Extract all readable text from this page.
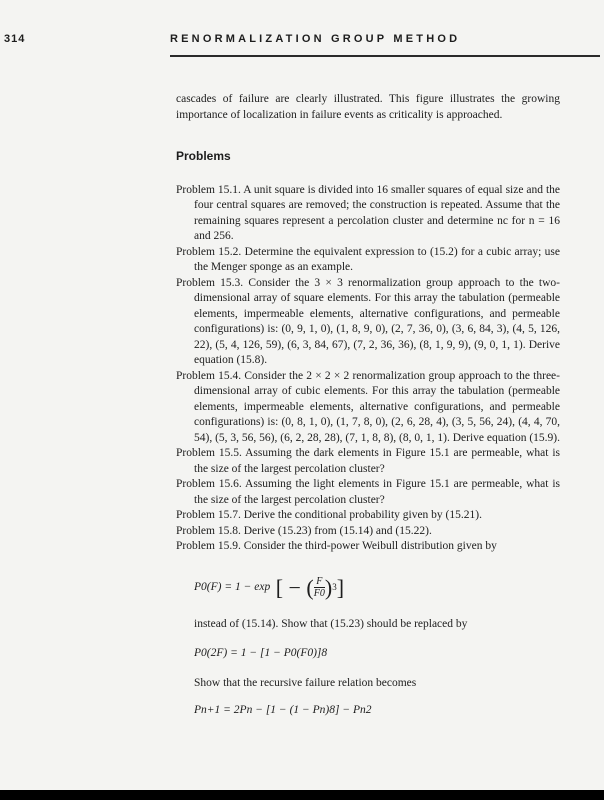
314	RENORMALIZATION GROUP METHOD

cascades of failure are clearly illustrated. This figure illustrates the growing importance of localization in failure events as criticality is approached.

Problems

Problem 15.1. A unit square is divided into 16 smaller squares of equal size and the four central squares are removed; the construction is repeated. Assume that the remaining squares represent a percolation cluster and determine nc for n = 16 and 256.

Problem 15.2. Determine the equivalent expression to (15.2) for a cubic array; use the Menger sponge as an example.

Problem 15.3. Consider the 3 × 3 renormalization group approach to the two-dimensional array of square elements. For this array the tabulation (permeable elements, impermeable elements, alternative configurations, and permeable configurations) is: (0, 9, 1, 0), (1, 8, 9, 0), (2, 7, 36, 0), (3, 6, 84, 3), (4, 5, 126, 22), (5, 4, 126, 59), (6, 3, 84, 67), (7, 2, 36, 36), (8, 1, 9, 9), (9, 0, 1, 1). Derive equation (15.8).

Problem 15.4. Consider the 2 × 2 × 2 renormalization group approach to the three-dimensional array of cubic elements. For this array the tabulation (permeable elements, impermeable elements, alternative configurations, and permeable configurations) is: (0, 8, 1, 0), (1, 7, 8, 0), (2, 6, 28, 4), (3, 5, 56, 24), (4, 4, 70, 54), (5, 3, 56, 56), (6, 2, 28, 28), (7, 1, 8, 8), (8, 0, 1, 1). Derive equation (15.9).

Problem 15.5. Assuming the dark elements in Figure 15.1 are permeable, what is the size of the largest percolation cluster?

Problem 15.6. Assuming the light elements in Figure 15.1 are permeable, what is the size of the largest percolation cluster?

Problem 15.7. Derive the conditional probability given by (15.21).

Problem 15.8. Derive (15.23) from (15.14) and (15.22).

Problem 15.9. Consider the third-power Weibull distribution given by

P0(F) = 1 − exp [ − ( $\frac{F}{F0}$ ) 3 ]

instead of (15.14). Show that (15.23) should be replaced by

P0(2F) = 1 − [1 − P0(F0)]8

Show that the recursive failure relation becomes

Pn+1 = 2Pn − [1 − (1 − Pn)8] − Pn2
